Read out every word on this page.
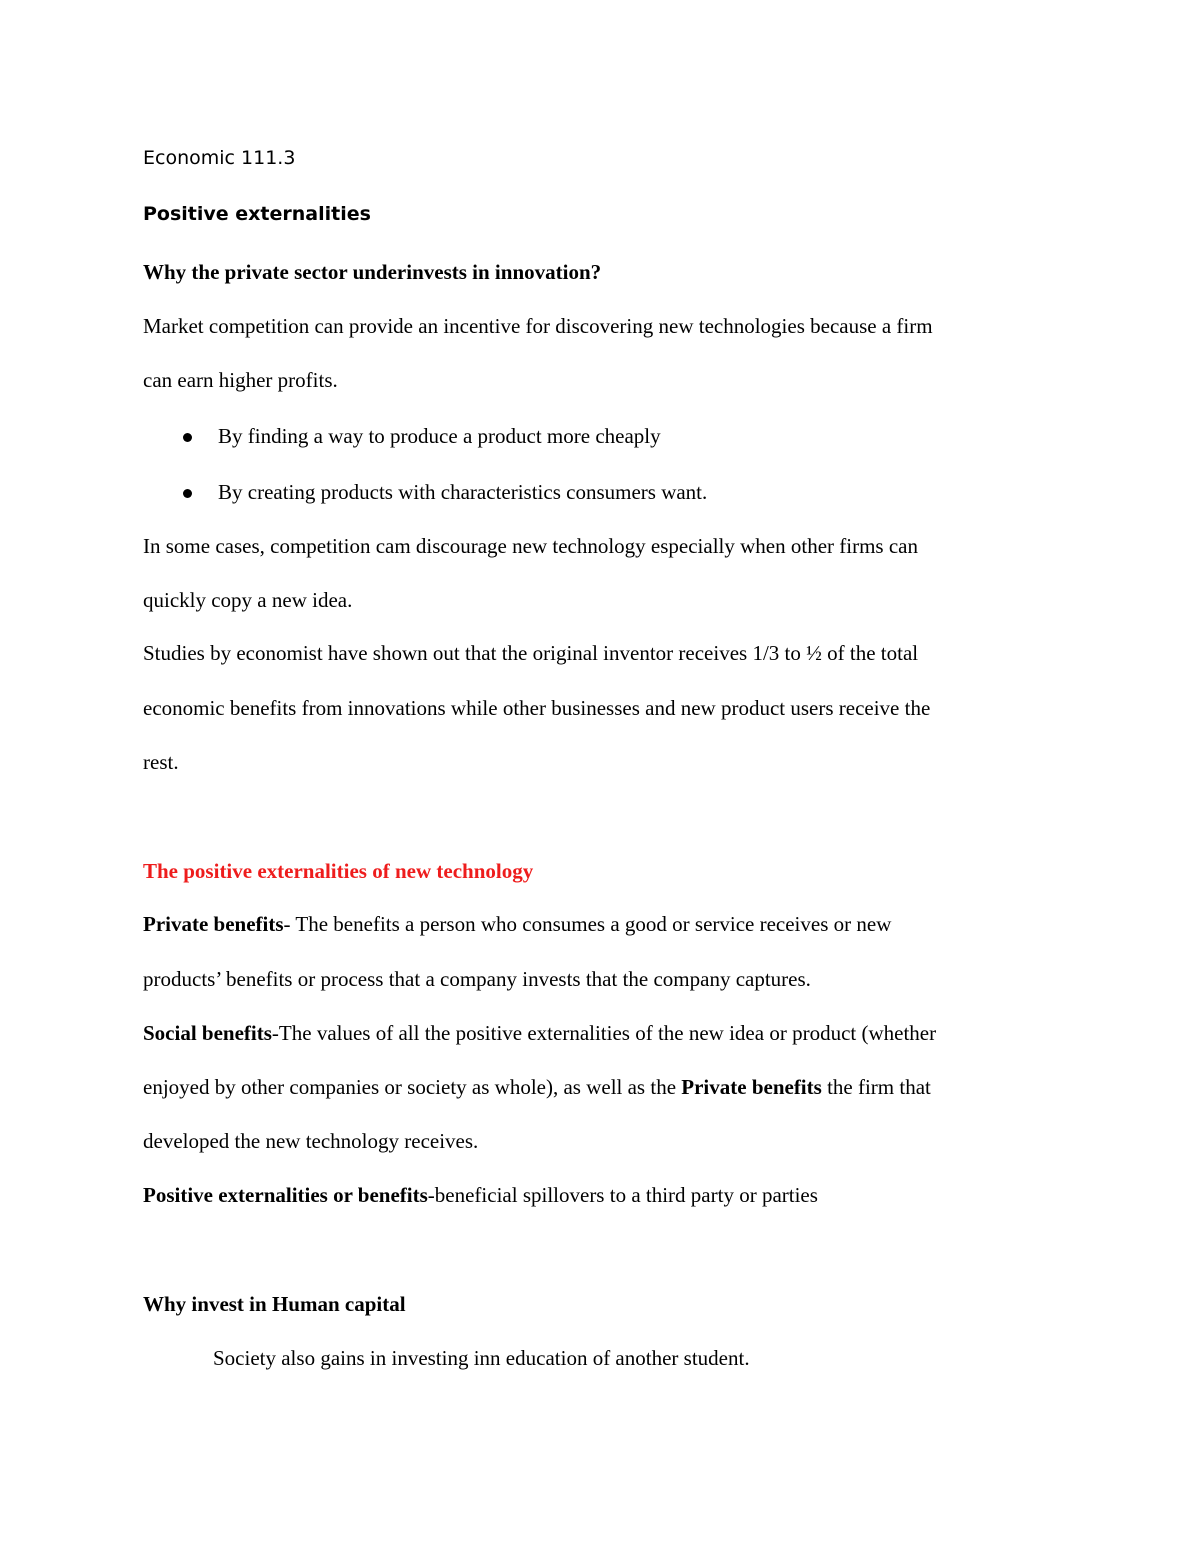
Economic 111.3
Positive externalities
Why the private sector underinvests in innovation?
Market competition can provide an incentive for discovering new technologies because a firm
can earn higher profits.
By finding a way to produce a product more cheaply
By creating products with characteristics consumers want.
In some cases, competition cam discourage new technology especially when other firms can
quickly copy a new idea.
Studies by economist have shown out that the original inventor receives 1/3 to ½ of the total
economic benefits from innovations while other businesses and new product users receive the
rest.
The positive externalities of new technology
Private benefits- The benefits a person who consumes a good or service receives or new
products’ benefits or process that a company invests that the company captures.
Social benefits-The values of all the positive externalities of the new idea or product (whether
enjoyed by other companies or society as whole), as well as the Private benefits the firm that
developed the new technology receives.
Positive externalities or benefits-beneficial spillovers to a third party or parties
Why invest in Human capital
Society also gains in investing inn education of another student.
